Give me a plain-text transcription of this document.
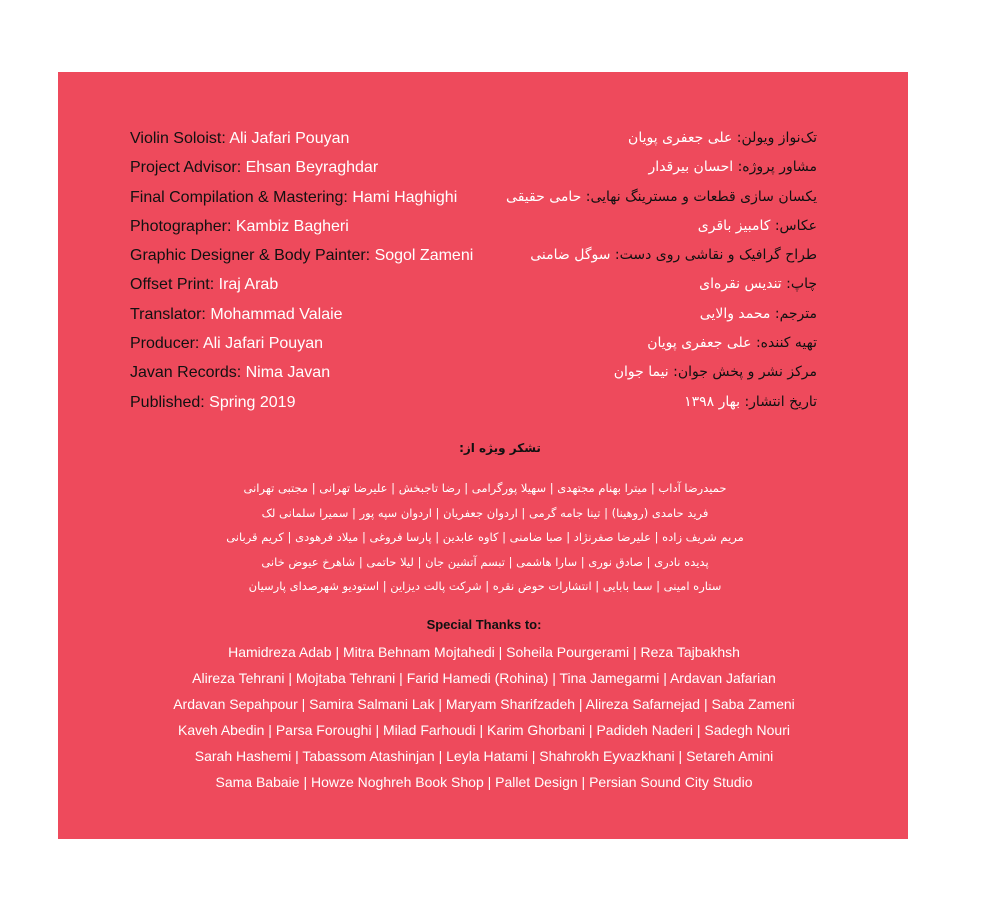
Violin Soloist: Ali Jafari Pouyan
Project Advisor: Ehsan Beyraghdar
Final Compilation & Mastering: Hami Haghighi
Photographer: Kambiz Bagheri
Graphic Designer & Body Painter: Sogol Zameni
Offset Print: Iraj Arab
Translator: Mohammad Valaie
Producer: Ali Jafari Pouyan
Javan Records: Nima Javan
Published: Spring 2019
تک‌نواز ویولن: علی جعفری پویان
مشاور پروژه: احسان بیرقدار
یکسان سازی قطعات و مسترینگ نهایی: حامی حقیقی
عکاس: کامبیز باقری
طراح گرافیک و نقاشی روی دست: سوگل ضامنی
چاپ: تندیس نقره‌ای
مترجم: محمد والایی
تهیه کننده: علی جعفری پویان
مرکز نشر و پخش جوان: نیما جوان
تاریخ انتشار: بهار ۱۳۹۸
تشکر ویژه از:
حمیدرضا آداب | میترا بهنام مجتهدی | سهیلا پورگرامی | رضا تاجبخش | علیرضا تهرانی | مجتبی تهرانی
فرید حامدی (روهینا) | تینا جامه گرمی | اردوان جعفریان | اردوان سپه پور | سمیرا سلمانی لک
مریم شریف زاده | علیرضا صفرنژاد | صبا ضامنی | کاوه عابدین | پارسا فروغی | میلاد فرهودی | کریم قربانی
پدیده نادری | صادق نوری | سارا هاشمی | تبسم آتشین جان | لیلا حاتمی | شاهرخ عیوض خانی
ستاره امینی | سما بابایی | انتشارات حوض نقره | شرکت پالت دیزاین | استودیو شهرصدای پارسیان
Special Thanks to:
Hamidreza Adab | Mitra Behnam Mojtahedi | Soheila Pourgerami | Reza Tajbakhsh
Alireza Tehrani | Mojtaba Tehrani | Farid Hamedi (Rohina) | Tina Jamegarmi | Ardavan Jafarian
Ardavan Sepahpour | Samira Salmani Lak | Maryam Sharifzadeh | Alireza Safarnejad | Saba Zameni
Kaveh Abedin | Parsa Foroughi | Milad Farhoudi | Karim Ghorbani | Padideh Naderi | Sadegh Nouri
Sarah Hashemi | Tabassom Atashinjan | Leyla Hatami | Shahrokh Eyvazkhani | Setareh Amini
Sama Babaie | Howze Noghreh Book Shop | Pallet Design | Persian Sound City Studio
